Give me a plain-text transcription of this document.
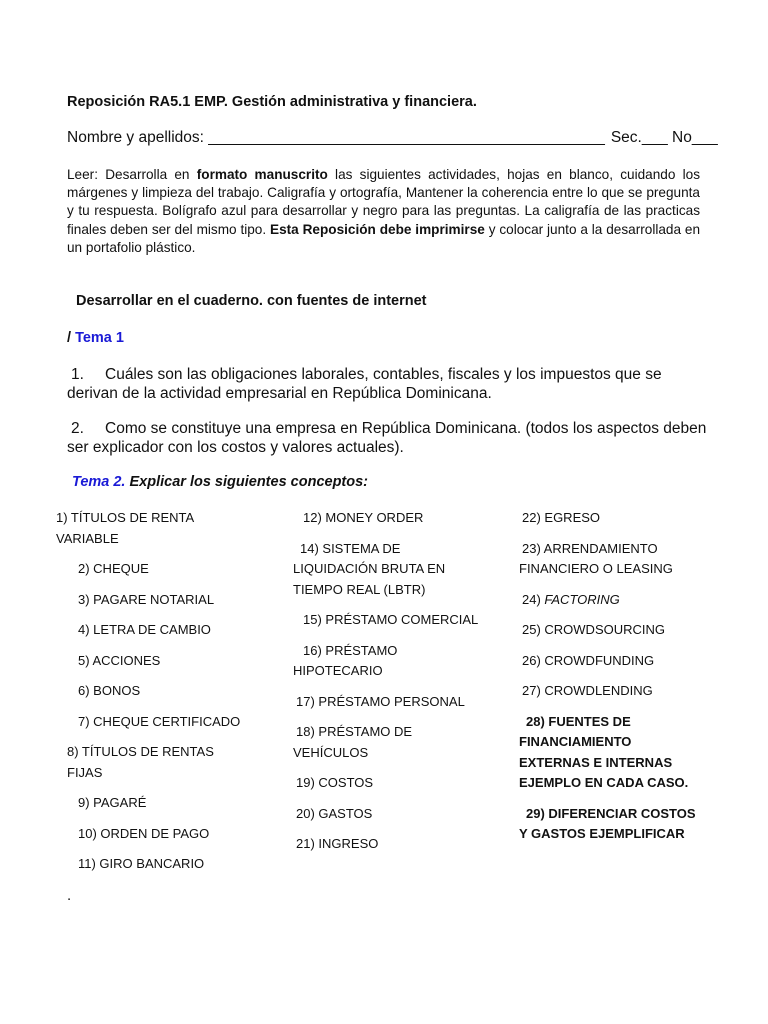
Reposición RA5.1 EMP. Gestión administrativa y financiera.
Nombre y apellidos: ______________________________________________ Sec.___ No___
Leer: Desarrolla en formato manuscrito las siguientes actividades, hojas en blanco, cuidando los márgenes y limpieza del trabajo. Caligrafía y ortografía, Mantener la coherencia entre lo que se pregunta y tu respuesta. Bolígrafo azul para desarrollar y negro para las preguntas. La caligrafía de las practicas finales deben ser del mismo tipo. Esta Reposición debe imprimirse y colocar junto a la desarrollada en un portafolio plástico.
Desarrollar en el cuaderno. con fuentes de internet
/ Tema 1
1. Cuáles son las obligaciones laborales, contables, fiscales y los impuestos que se derivan de la actividad empresarial en República Dominicana.
2. Como se constituye una empresa en República Dominicana. (todos los aspectos deben ser explicador con los costos y valores actuales).
Tema 2. Explicar los siguientes conceptos:
1) TÍTULOS DE RENTA VARIABLE
2) CHEQUE
3) PAGARE NOTARIAL
4) LETRA DE CAMBIO
5) ACCIONES
6) BONOS
7) CHEQUE CERTIFICADO
8) TÍTULOS DE RENTAS FIJAS
9) PAGARÉ
10) ORDEN DE PAGO
11) GIRO BANCARIO
12) MONEY ORDER
14) SISTEMA DE LIQUIDACIÓN BRUTA EN TIEMPO REAL (LBTR)
15) PRÉSTAMO COMERCIAL
16) PRÉSTAMO HIPOTECARIO
17) PRÉSTAMO PERSONAL
18) PRÉSTAMO DE VEHÍCULOS
19) COSTOS
20) GASTOS
21) INGRESO
22) EGRESO
23) ARRENDAMIENTO FINANCIERO O LEASING
24) FACTORING
25) CROWDSOURCING
26) CROWDFUNDING
27) CROWDLENDING
28) FUENTES DE FINANCIAMIENTO EXTERNAS E INTERNAS EJEMPLO EN CADA CASO.
29) DIFERENCIAR COSTOS Y GASTOS EJEMPLIFICAR
.
